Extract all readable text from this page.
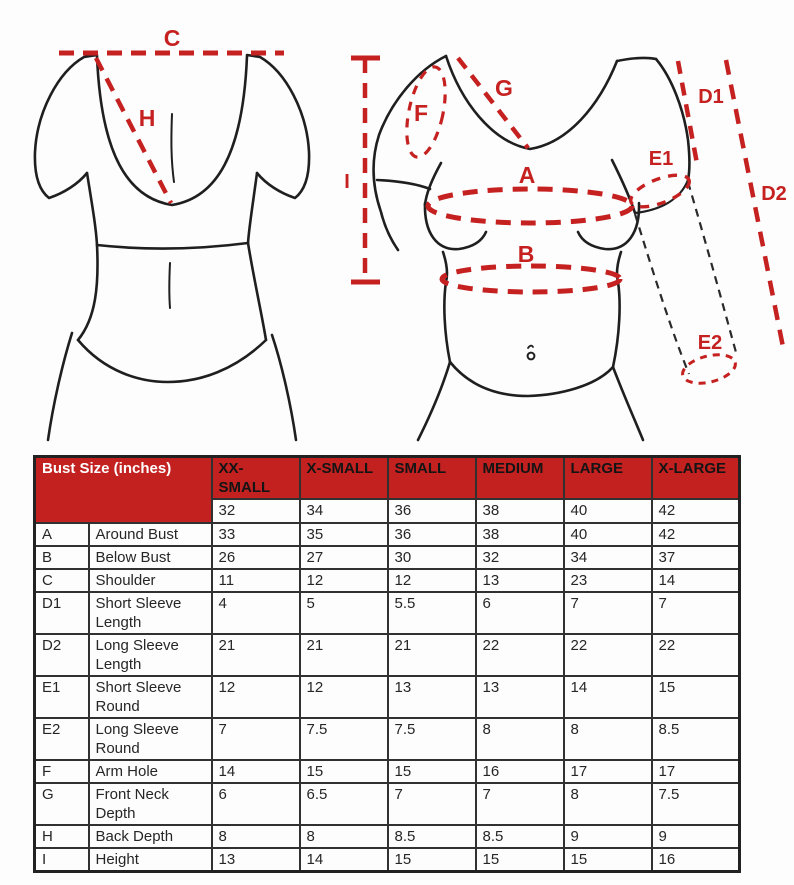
C
H
I
F
G
A
B
E1
D1
D2
E2
Bust Size (inches)		XX-SMALL	X-SMALL	SMALL	MEDIUM	LARGE	X-LARGE
		32	34	36	38	40	42
A	Around Bust	33	35	36	38	40	42
B	Below Bust	26	27	30	32	34	37
C	Shoulder	11	12	12	13	23	14
D1	Short Sleeve Length	4	5	5.5	6	7	7
D2	Long Sleeve Length	21	21	21	22	22	22
E1	Short Sleeve Round	12	12	13	13	14	15
E2	Long Sleeve Round	7	7.5	7.5	8	8	8.5
F	Arm Hole	14	15	15	16	17	17
G	Front Neck Depth	6	6.5	7	7	8	7.5
H	Back Depth	8	8	8.5	8.5	9	9
I	Height	13	14	15	15	15	16
